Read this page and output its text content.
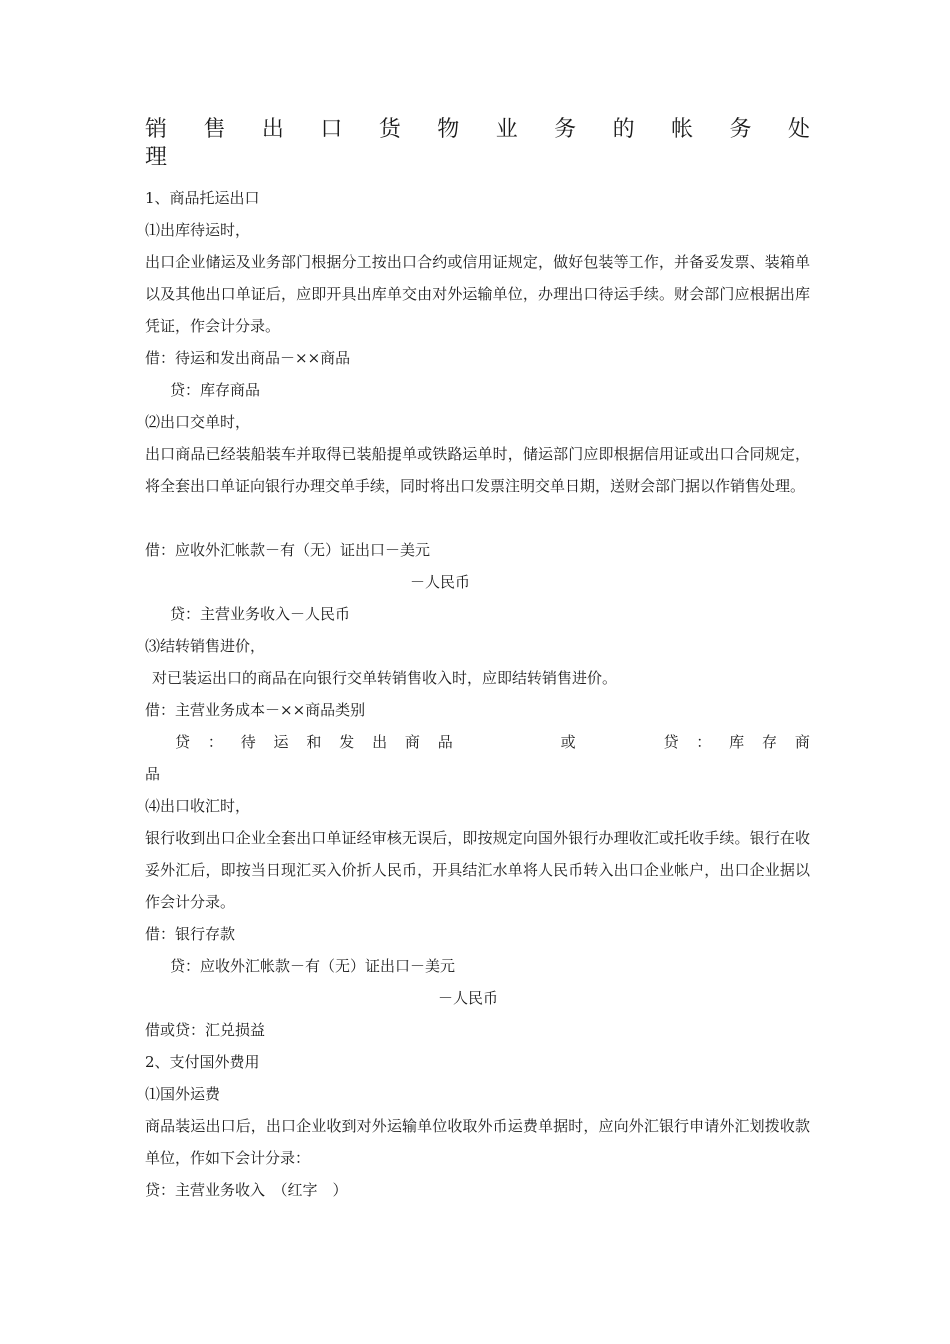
销 售 出 口 货 物 业 务 的 帐 务 处
理
1、商品托运出口
⑴出库待运时，
出口企业储运及业务部门根据分工按出口合约或信用证规定，做好包装等工作，并备妥发票、装箱单以及其他出口单证后，应即开具出库单交由对外运输单位，办理出口待运手续。财会部门应根据出库凭证，作会计分录。
借：待运和发出商品－××商品
贷：库存商品
⑵出口交单时，
出口商品已经装船装车并取得已装船提单或铁路运单时，储运部门应即根据信用证或出口合同规定，将全套出口单证向银行办理交单手续，同时将出口发票注明交单日期，送财会部门据以作销售处理。
借：应收外汇帐款－有（无）证出口－美元
－人民币
贷：主营业务收入－人民币
⑶结转销售进价，
对已装运出口的商品在向银行交单转销售收入时，应即结转销售进价。
借：主营业务成本－××商品类别
贷 ： 待 运 和 发 出 商 品	或	贷 ： 库 存 商
品
⑷出口收汇时，
银行收到出口企业全套出口单证经审核无误后，即按规定向国外银行办理收汇或托收手续。银行在收妥外汇后，即按当日现汇买入价折人民币，开具结汇水单将人民币转入出口企业帐户，出口企业据以作会计分录。
借：银行存款
贷：应收外汇帐款－有（无）证出口－美元
－人民币
借或贷：汇兑损益
2、支付国外费用
⑴国外运费
商品装运出口后，出口企业收到对外运输单位收取外币运费单据时，应向外汇银行申请外汇划拨收款单位，作如下会计分录：
贷：主营业务收入　（红字　）
